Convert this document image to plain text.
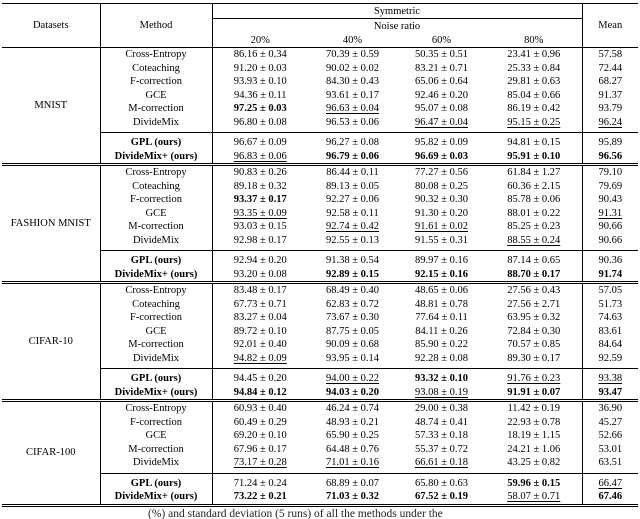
Datasets	Method	Symmetric				Mean
		Noise ratio				
		20%	40%	60%	80%	
MNIST	Cross-Entropy	86.16 ± 0.34	70.39 ± 0.59	50.35 ± 0.51	23.41 ± 0.96	57.58
	Coteaching	91.20 ± 0.03	90.02 ± 0.02	83.21 ± 0.71	25.33 ± 0.84	72.44
	F-correction	93.93 ± 0.10	84.30 ± 0.43	65.06 ± 0.64	29.81 ± 0.63	68.27
	GCE	94.36 ± 0.11	93.61 ± 0.17	92.46 ± 0.20	85.04 ± 0.66	91.37
	M-correction	97.25 ± 0.03	96.63 ± 0.04	95.07 ± 0.08	86.19 ± 0.42	93.79
	DivideMix	96.80 ± 0.08	96.53 ± 0.06	96.47 ± 0.04	95.15 ± 0.25	96.24
	GPL (ours)	96.67 ± 0.09	96.27 ± 0.08	95.82 ± 0.09	94.81 ± 0.15	95.89
	DivideMix+ (ours)	96.83 ± 0.06	96.79 ± 0.06	96.69 ± 0.03	95.91 ± 0.10	96.56
FASHION MNIST	Cross-Entropy	90.83 ± 0.26	86.44 ± 0.11	77.27 ± 0.56	61.84 ± 1.27	79.10
	Coteaching	89.18 ± 0.32	89.13 ± 0.05	80.08 ± 0.25	60.36 ± 2.15	79.69
	F-correction	93.37 ± 0.17	92.27 ± 0.06	90.32 ± 0.30	85.78 ± 0.06	90.43
	GCE	93.35 ± 0.09	92.58 ± 0.11	91.30 ± 0.20	88.01 ± 0.22	91.31
	M-correction	93.03 ± 0.15	92.74 ± 0.42	91.61 ± 0.02	85.25 ± 0.23	90.66
	DivideMix	92.98 ± 0.17	92.55 ± 0.13	91.55 ± 0.31	88.55 ± 0.24	90.66
	GPL (ours)	92.94 ± 0.20	91.38 ± 0.54	89.97 ± 0.16	87.14 ± 0.65	90.36
	DivideMix+ (ours)	93.20 ± 0.08	92.89 ± 0.15	92.15 ± 0.16	88.70 ± 0.17	91.74
CIFAR-10	Cross-Entropy	83.48 ± 0.17	68.49 ± 0.40	48.65 ± 0.06	27.56 ± 0.43	57.05
	Coteaching	67.73 ± 0.71	62.83 ± 0.72	48.81 ± 0.78	27.56 ± 2.71	51.73
	F-correction	83.27 ± 0.04	73.67 ± 0.30	77.64 ± 0.11	63.95 ± 0.32	74.63
	GCE	89.72 ± 0.10	87.75 ± 0.05	84.11 ± 0.26	72.84 ± 0.30	83.61
	M-correction	92.01 ± 0.40	90.09 ± 0.68	85.90 ± 0.22	70.57 ± 0.85	84.64
	DivideMix	94.82 ± 0.09	93.95 ± 0.14	92.28 ± 0.08	89.30 ± 0.17	92.59
	GPL (ours)	94.45 ± 0.20	94.00 ± 0.22	93.32 ± 0.10	91.76 ± 0.23	93.38
	DivideMix+ (ours)	94.84 ± 0.12	94.03 ± 0.20	93.08 ± 0.19	91.91 ± 0.07	93.47
CIFAR-100	Cross-Entropy	60.93 ± 0.40	46.24 ± 0.74	29.00 ± 0.38	11.42 ± 0.19	36.90
	F-correction	60.49 ± 0.29	48.93 ± 0.21	48.74 ± 0.41	22.93 ± 0.78	45.27
	GCE	69.20 ± 0.10	65.90 ± 0.25	57.33 ± 0.18	18.19 ± 1.15	52.66
	M-correction	67.96 ± 0.17	64.48 ± 0.76	55.37 ± 0.72	24.21 ± 1.06	53.01
	DivideMix	73.17 ± 0.28	71.01 ± 0.16	66.61 ± 0.18	43.25 ± 0.82	63.51
	GPL (ours)	71.24 ± 0.24	68.89 ± 0.07	65.80 ± 0.63	59.96 ± 0.15	66.47
	DivideMix+ (ours)	73.22 ± 0.21	71.03 ± 0.32	67.52 ± 0.19	58.07 ± 0.71	67.46
(%) and standard deviation (5 runs) of all the methods under the
